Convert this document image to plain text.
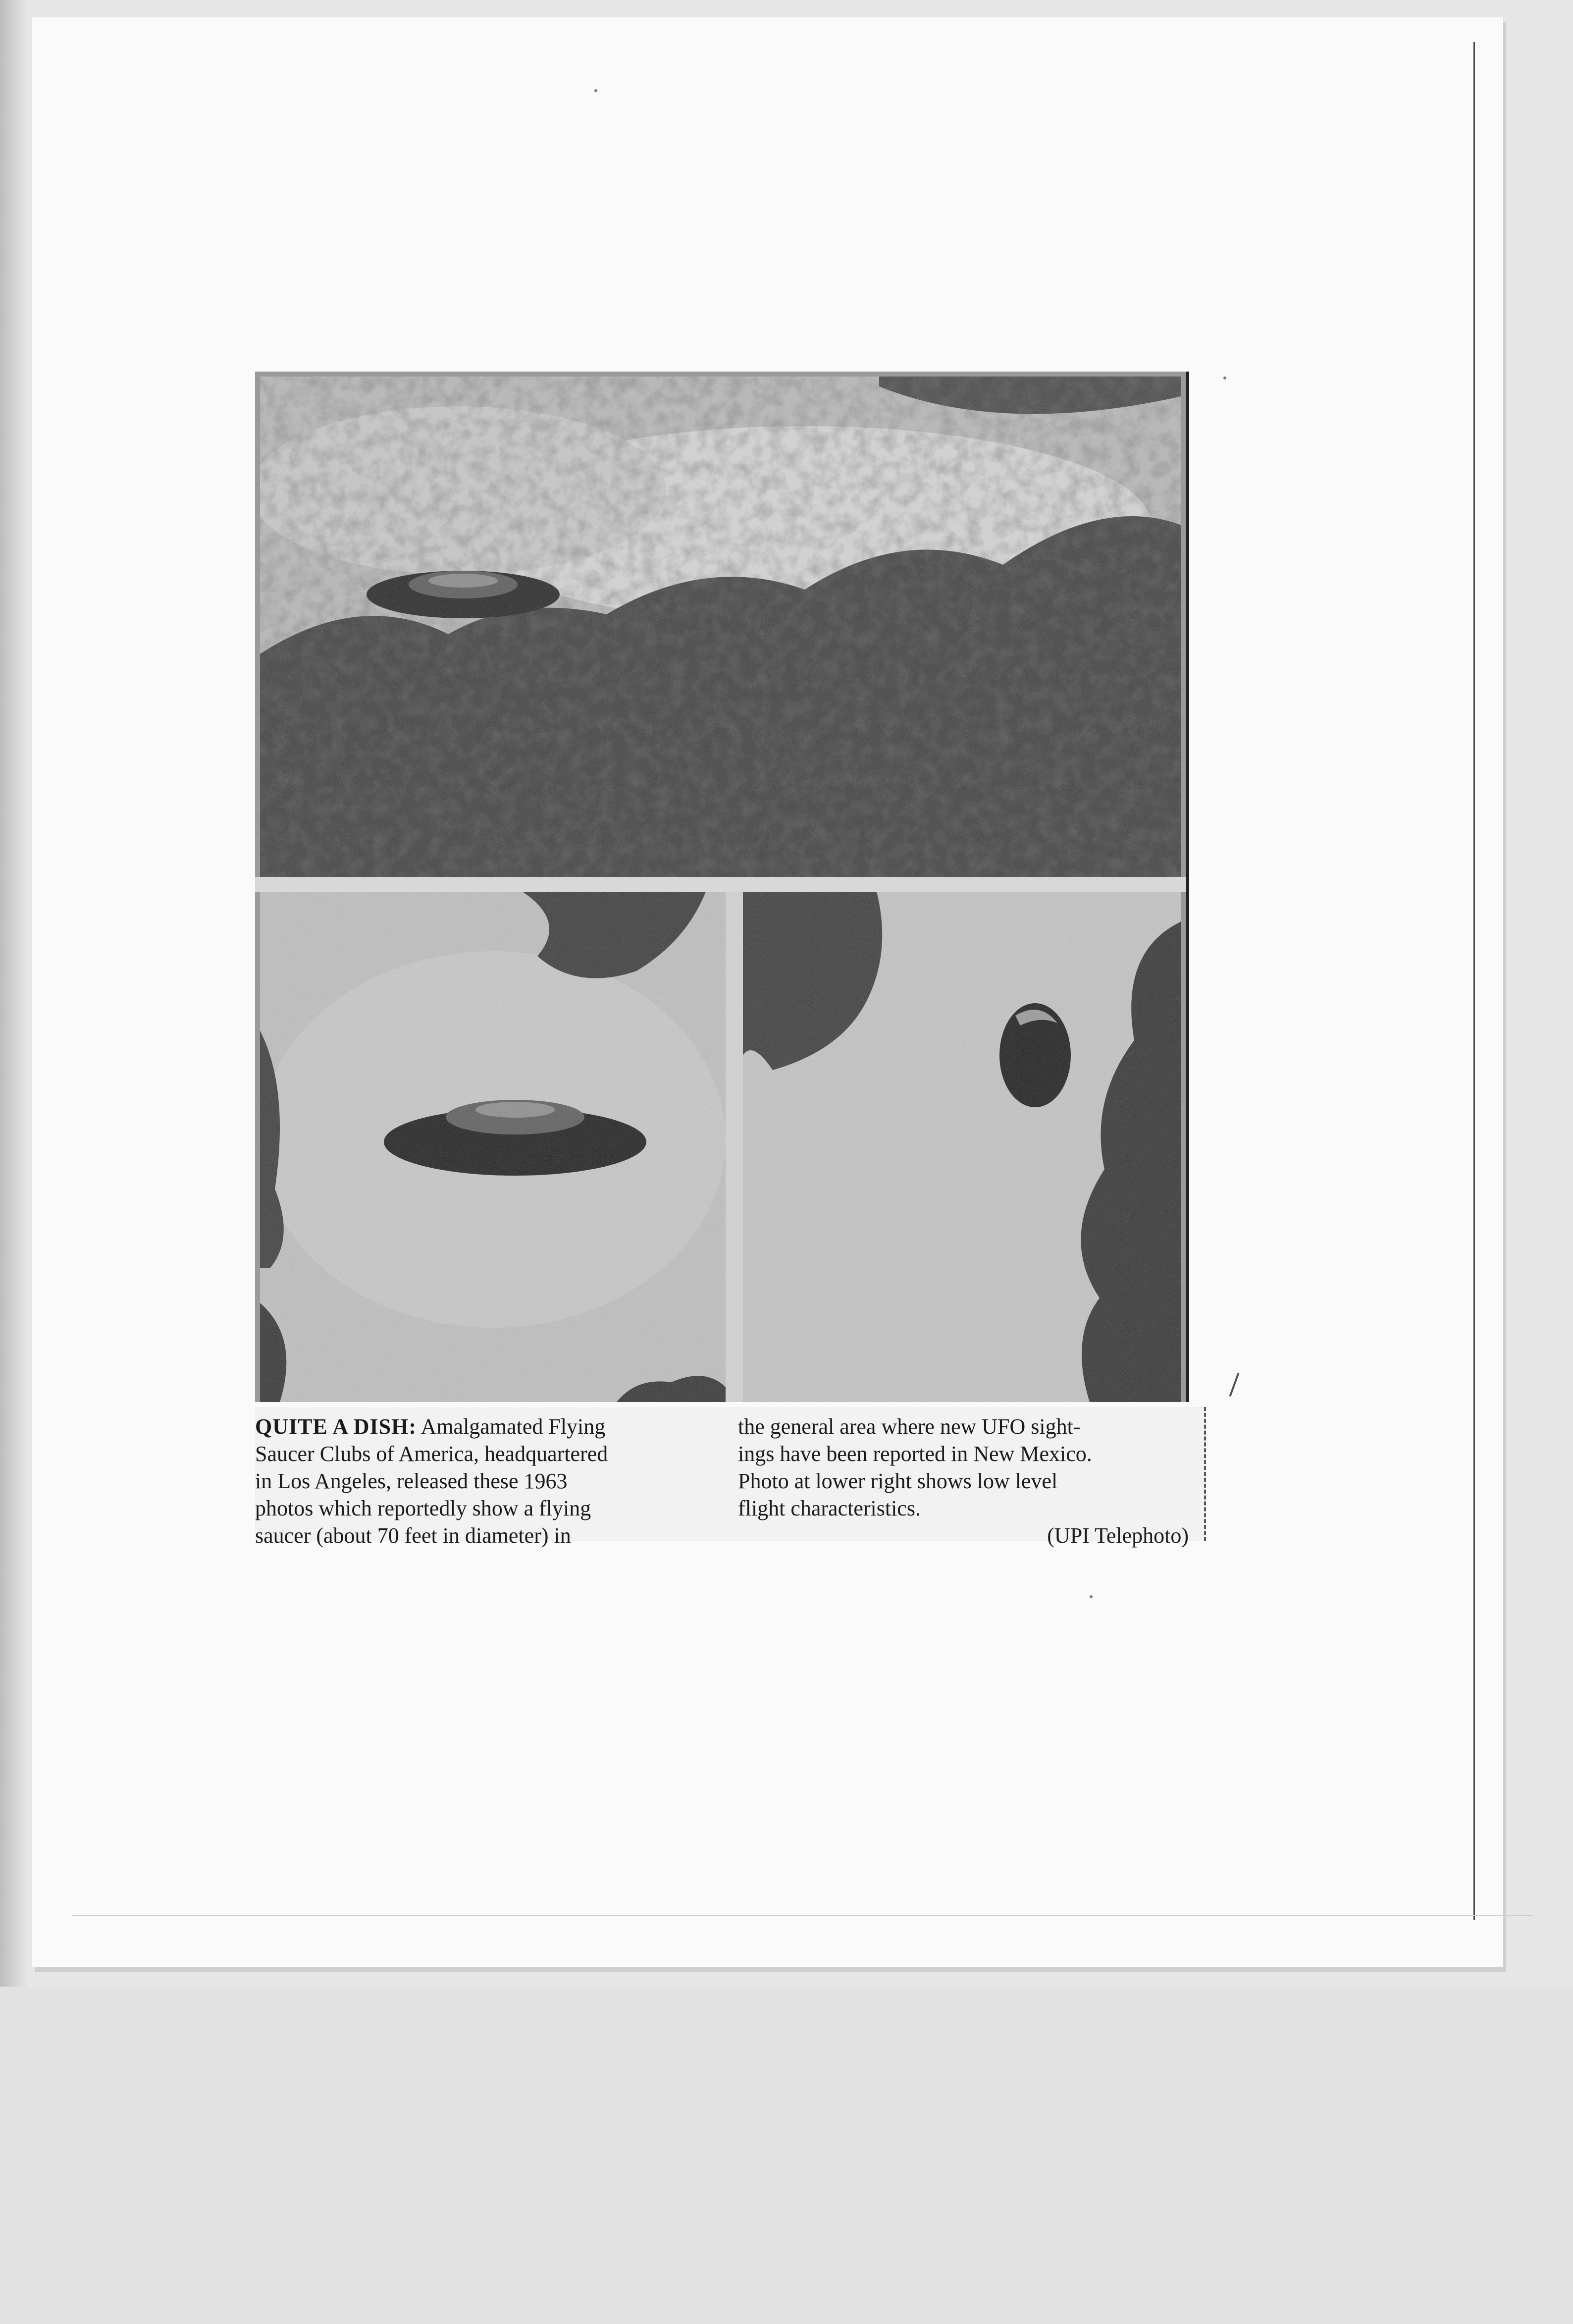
QUITE A DISH: Amalgamated Flying
Saucer Clubs of America, headquartered
in Los Angeles, released these 1963
photos which reportedly show a flying
saucer (about 70 feet in diameter) in
the general area where new UFO sight-
ings have been reported in New Mexico.
Photo at lower right shows low level
flight characteristics.
(UPI Telephoto)
